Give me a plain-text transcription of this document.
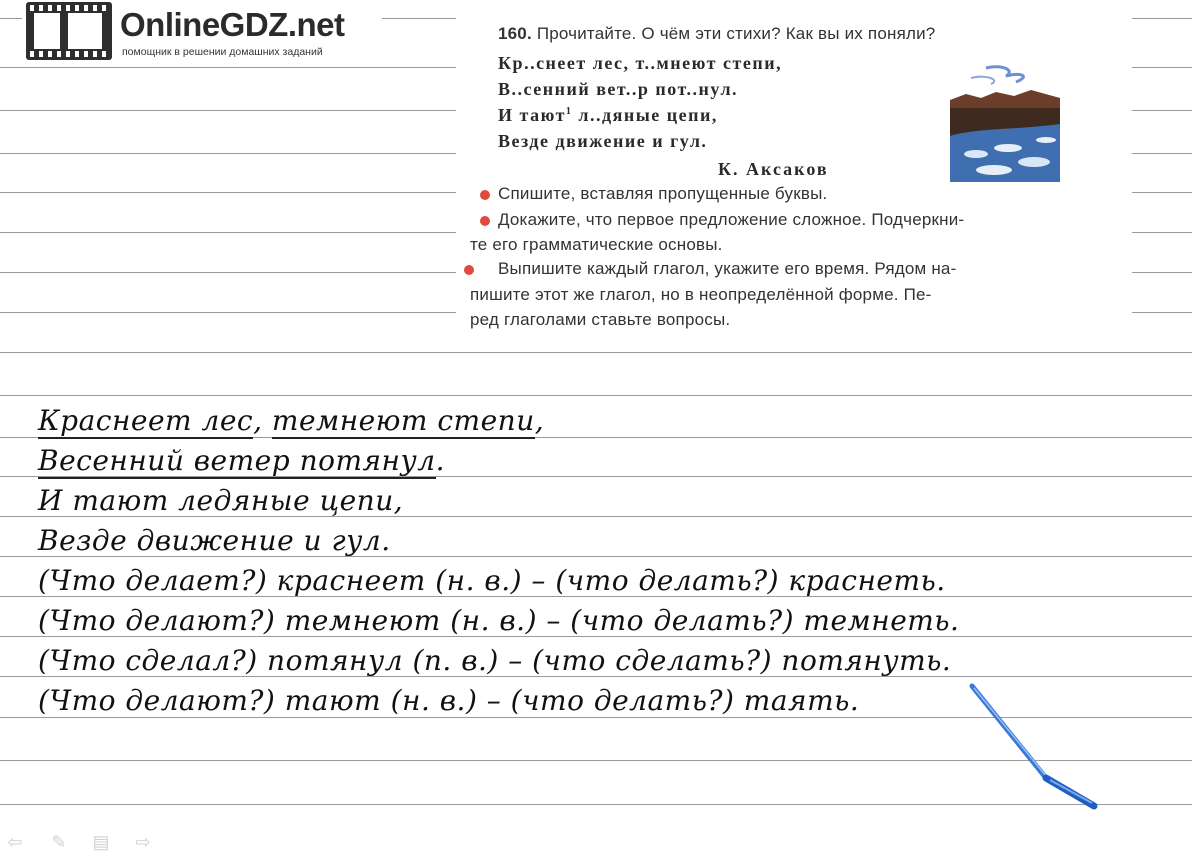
OnlineGDZ.net
помощник в решении домашних заданий
160. Прочитайте. О чём эти стихи? Как вы их поняли?
Кр..снеет лес, т..мнеют степи,
В..сенний вет..р пот..нул.
И тают$^1$ л..дяные цепи,
Везде движение и гул.
К. Аксаков
Спишите, вставляя пропущенные буквы.
Докажите, что первое предложение сложное. Подчеркни-
те его грамматические основы.
Выпишите каждый глагол, укажите его время. Рядом на-
пишите этот же глагол, но в неопределённой форме. Пе-
ред глаголами ставьте вопросы.
Краснеет лес, темнеют степи,
Весенний ветер потянул.
И тают ледяные цепи,
Везде движение и гул.
(Что делает?) краснеет (н. в.) – (что делать?) краснеть.
(Что делают?) темнеют (н. в.) – (что делать?) темнеть.
(Что сделал?) потянул (п. в.) – (что сделать?) потянуть.
(Что делают?) тают (н. в.) – (что делать?) таять.
⇦ ✎ ▤ ⇨
